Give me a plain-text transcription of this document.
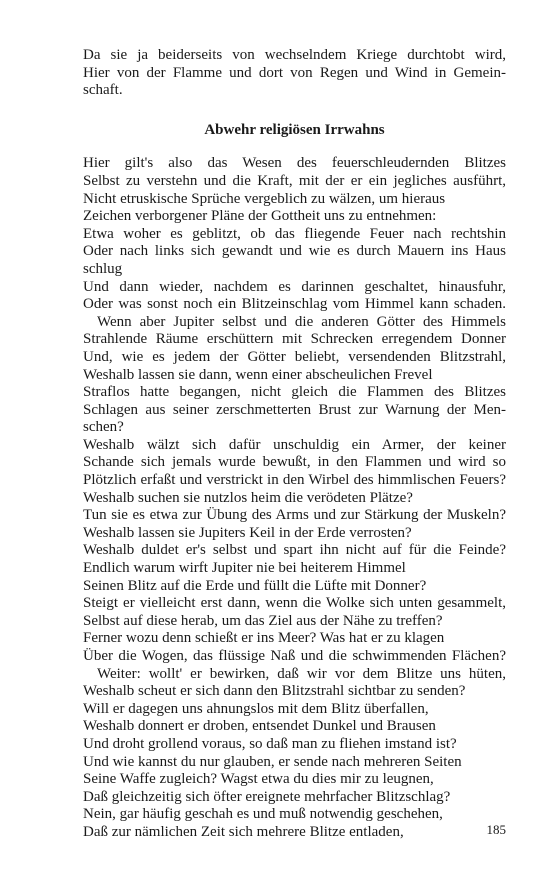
Da sie ja beiderseits von wechselndem Kriege durchtobt wird,
Hier von der Flamme und dort von Regen und Wind in Gemein-
schaft.
Abwehr religiösen Irrwahns
Hier gilt's also das Wesen des feuerschleudernden Blitzes
Selbst zu verstehn und die Kraft, mit der er ein jegliches ausführt,
Nicht etruskische Sprüche vergeblich zu wälzen, um hieraus
Zeichen verborgener Pläne der Gottheit uns zu entnehmen:
Etwa woher es geblitzt, ob das fliegende Feuer nach rechtshin
Oder nach links sich gewandt und wie es durch Mauern ins Haus
schlug
Und dann wieder, nachdem es darinnen geschaltet, hinausfuhr,
Oder was sonst noch ein Blitzeinschlag vom Himmel kann schaden.
Wenn aber Jupiter selbst und die anderen Götter des Himmels
Strahlende Räume erschüttern mit Schrecken erregendem Donner
Und, wie es jedem der Götter beliebt, versendenden Blitzstrahl,
Weshalb lassen sie dann, wenn einer abscheulichen Frevel
Straflos hatte begangen, nicht gleich die Flammen des Blitzes
Schlagen aus seiner zerschmetterten Brust zur Warnung der Men-
schen?
Weshalb wälzt sich dafür unschuldig ein Armer, der keiner
Schande sich jemals wurde bewußt, in den Flammen und wird so
Plötzlich erfaßt und verstrickt in den Wirbel des himmlischen Feuers?
Weshalb suchen sie nutzlos heim die verödeten Plätze?
Tun sie es etwa zur Übung des Arms und zur Stärkung der Muskeln?
Weshalb lassen sie Jupiters Keil in der Erde verrosten?
Weshalb duldet er's selbst und spart ihn nicht auf für die Feinde?
Endlich warum wirft Jupiter nie bei heiterem Himmel
Seinen Blitz auf die Erde und füllt die Lüfte mit Donner?
Steigt er vielleicht erst dann, wenn die Wolke sich unten gesammelt,
Selbst auf diese herab, um das Ziel aus der Nähe zu treffen?
Ferner wozu denn schießt er ins Meer? Was hat er zu klagen
Über die Wogen, das flüssige Naß und die schwimmenden Flächen?
Weiter: wollt' er bewirken, daß wir vor dem Blitze uns hüten,
Weshalb scheut er sich dann den Blitzstrahl sichtbar zu senden?
Will er dagegen uns ahnungslos mit dem Blitz überfallen,
Weshalb donnert er droben, entsendet Dunkel und Brausen
Und droht grollend voraus, so daß man zu fliehen imstand ist?
Und wie kannst du nur glauben, er sende nach mehreren Seiten
Seine Waffe zugleich? Wagst etwa du dies mir zu leugnen,
Daß gleichzeitig sich öfter ereignete mehrfacher Blitzschlag?
Nein, gar häufig geschah es und muß notwendig geschehen,
Daß zur nämlichen Zeit sich mehrere Blitze entladen,	185
